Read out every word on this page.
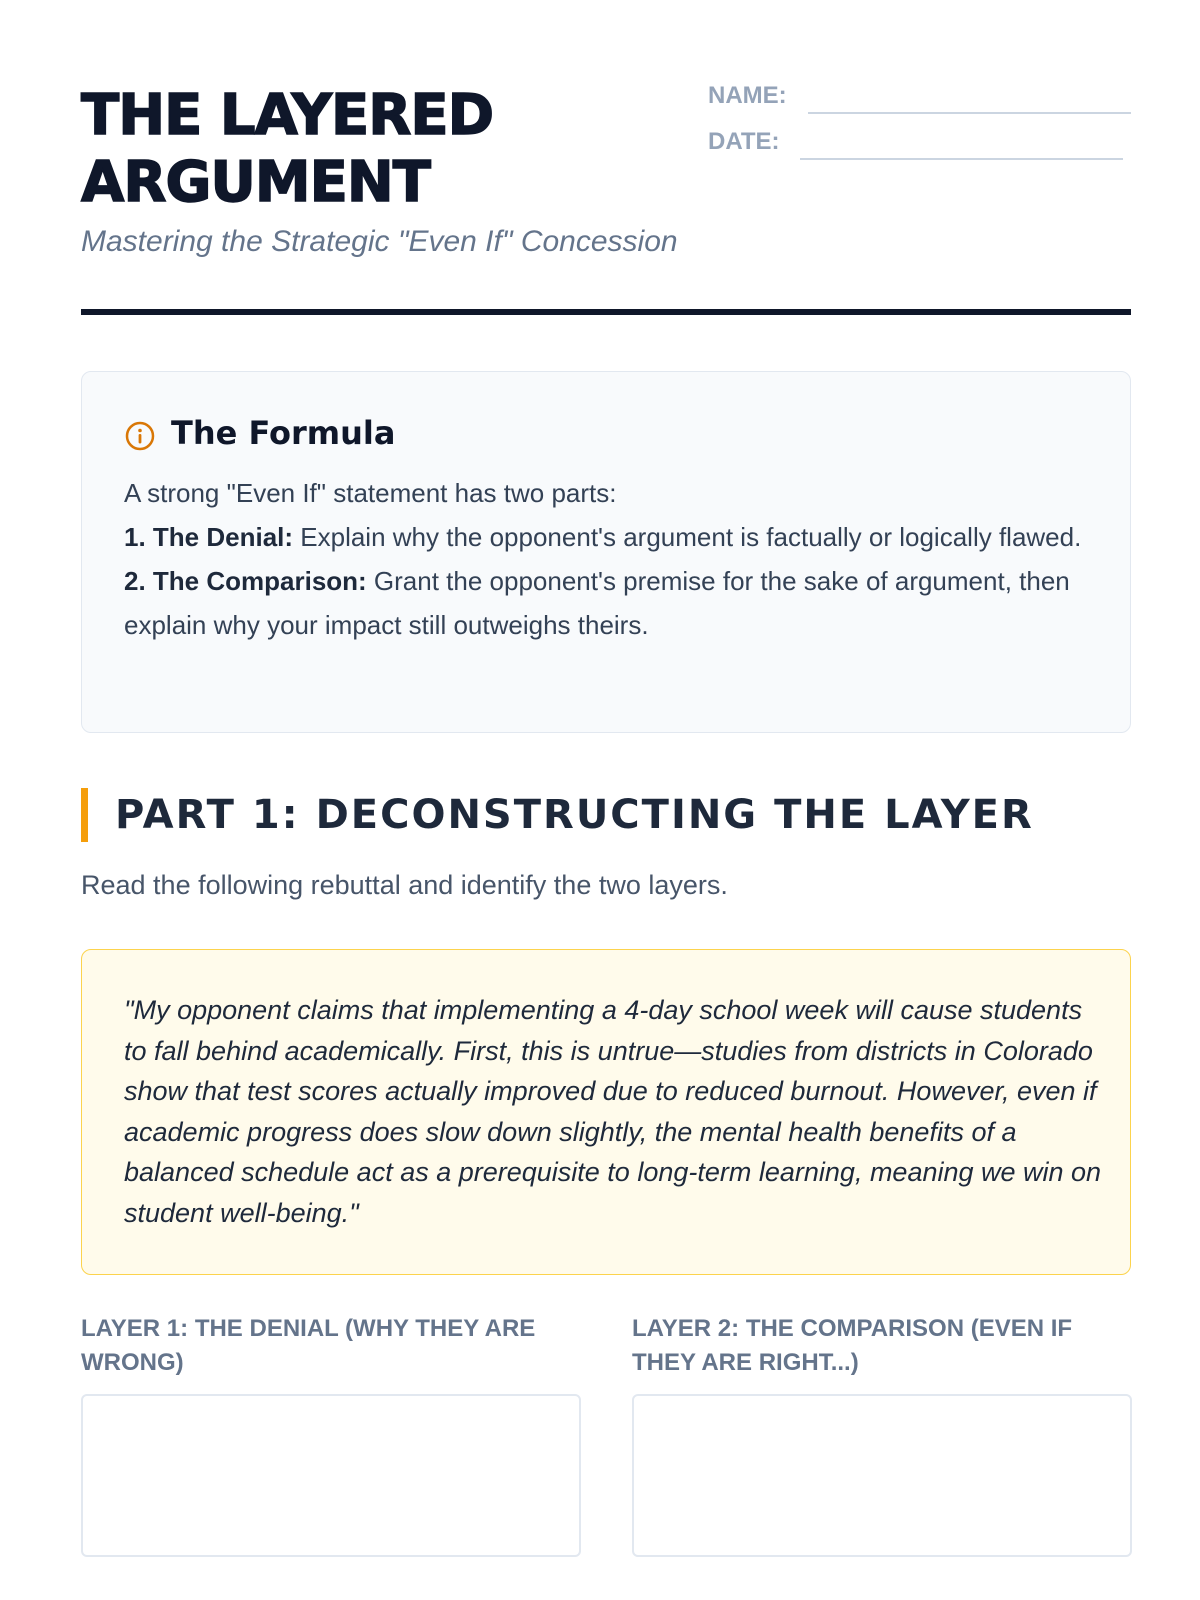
THE LAYERED
ARGUMENT

Mastering the Strategic "Even If" Concession

NAME:
DATE:
The Formula

A strong "Even If" statement has two parts:

1. The Denial: Explain why the opponent's argument is factually or logically flawed.

2. The Comparison: Grant the opponent's premise for the sake of argument, then explain why your impact still outweighs theirs.

PART 1: DECONSTRUCTING THE LAYER

Read the following rebuttal and identify the two layers.

"My opponent claims that implementing a 4-day school week will cause students to fall behind academically. First, this is untrue—studies from districts in Colorado show that test scores actually improved due to reduced burnout. However, even if academic progress does slow down slightly, the mental health benefits of a balanced schedule act as a prerequisite to long-term learning, meaning we win on student well-being."

LAYER 1: THE DENIAL (WHY THEY ARE WRONG)

LAYER 2: THE COMPARISON (EVEN IF THEY ARE RIGHT...)
